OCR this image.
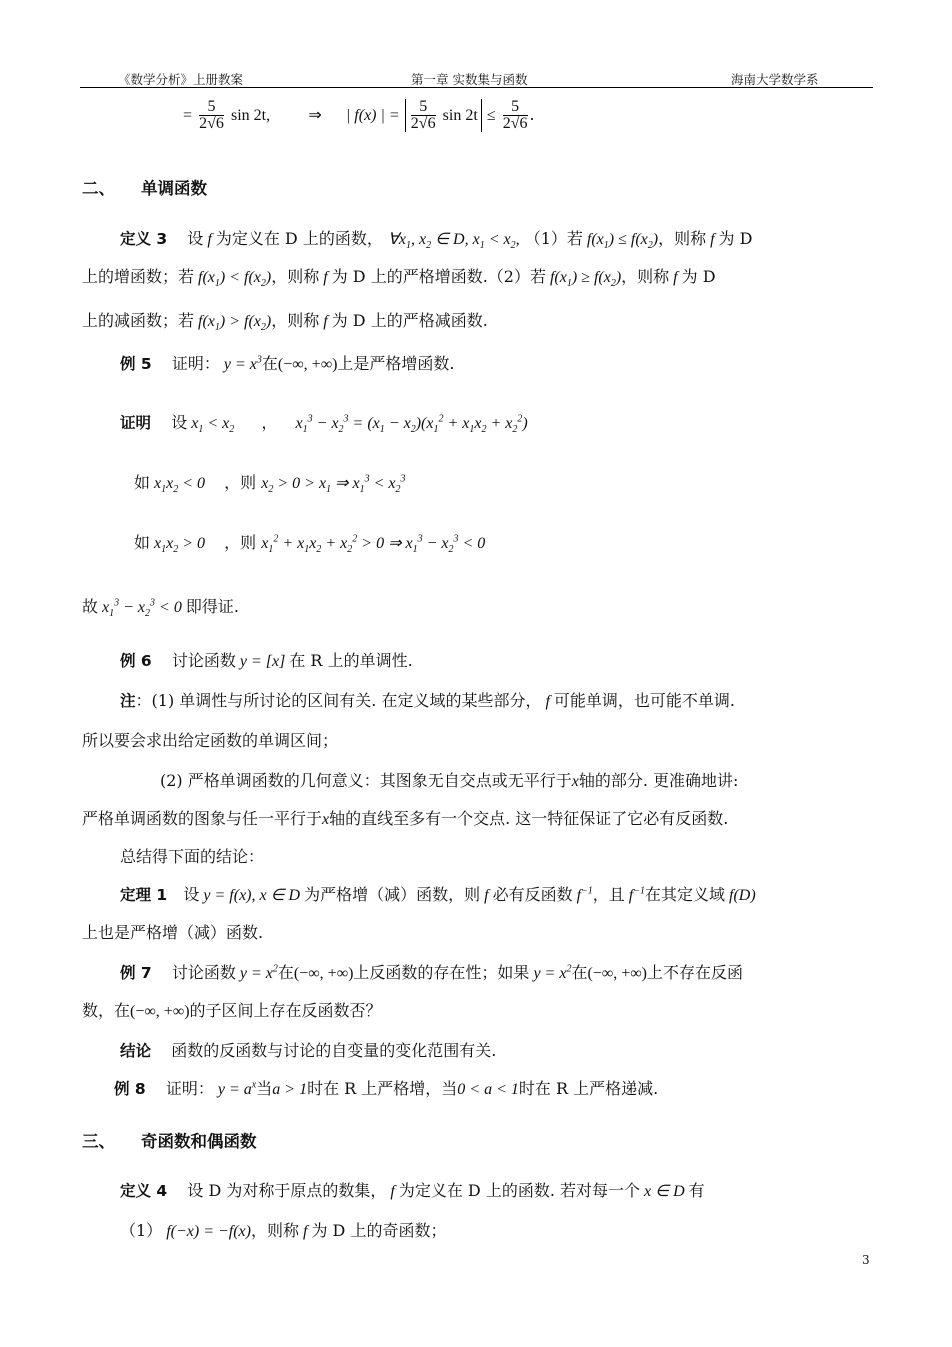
《数学分析》上册教案	第一章 实数集与函数	海南大学数学系
= $\frac{5}{2√6}$ sin 2t, ⇒ | f(x) | = $\frac{5}{2√6}$ $\sin 2t \le \frac{5}{2√6}$ .
二、 单调函数
定义 3 设 f 为定义在 D 上的函数， $\forall x_1$, $x_2$ ∈ D, $x_1 < x_2$, （1）若 $f(x_1) \le f(x_2)$，则称 f 为 D
上的增函数；若 $f(x_1) < f(x_2)$，则称 f 为 D 上的严格增函数.（2）若 $f(x_1) \ge f(x_2)$，则称 f 为 D
上的减函数；若 $f(x_1) > f(x_2)$，则称 f 为 D 上的严格减函数.
例 5 证明： $y = x^3$在(−∞, +∞)上是严格增函数.
证明 设 $x_1 < x_2$ ， $x_1^3 - x_2^3 = (x_1 - x_2)(x_1^2 + x_1x_2 + x_2^2)$
如 $x_1x_2 < 0$ ，则 $x_2 > 0 > x_1$ ⇒ $x_1^3 < x_2^3$
如 $x_1x_2 > 0$ ，则 $x_1^2 + x_1x_2 + x_2^2 > 0$ ⇒ $x_1^3 - x_2^3 < 0$
故 $x_1^3 - x_2^3 < 0$ 即得证.
例 6 讨论函数 y = [x] 在 R 上的单调性.
注：(1) 单调性与所讨论的区间有关. 在定义域的某些部分， f 可能单调，也可能不单调.
所以要会求出给定函数的单调区间；
(2) 严格单调函数的几何意义：其图象无自交点或无平行于x轴的部分. 更准确地讲:
严格单调函数的图象与任一平行于x轴的直线至多有一个交点. 这一特征保证了它必有反函数.
总结得下面的结论：
定理 1 设 y = f(x), x ∈ D 为严格增（减）函数，则 f 必有反函数 $f^{-1}$，且 $f^{-1}$在其定义域 f(D)
上也是严格增（减）函数.
例 7 讨论函数 $y = x^2$在(−∞, +∞)上反函数的存在性；如果 $y = x^2$在(−∞, +∞)上不存在反函
数，在(−∞, +∞)的子区间上存在反函数否？
结论 函数的反函数与讨论的自变量的变化范围有关.
例 8 证明： $y = a^x$当a > 1时在 R 上严格增，当0 < a < 1时在 R 上严格递减.
三、 奇函数和偶函数
定义 4 设 D 为对称于原点的数集， f 为定义在 D 上的函数. 若对每一个 x ∈ D 有
（1） f(−x) = −f(x)，则称 f 为 D 上的奇函数；
3
